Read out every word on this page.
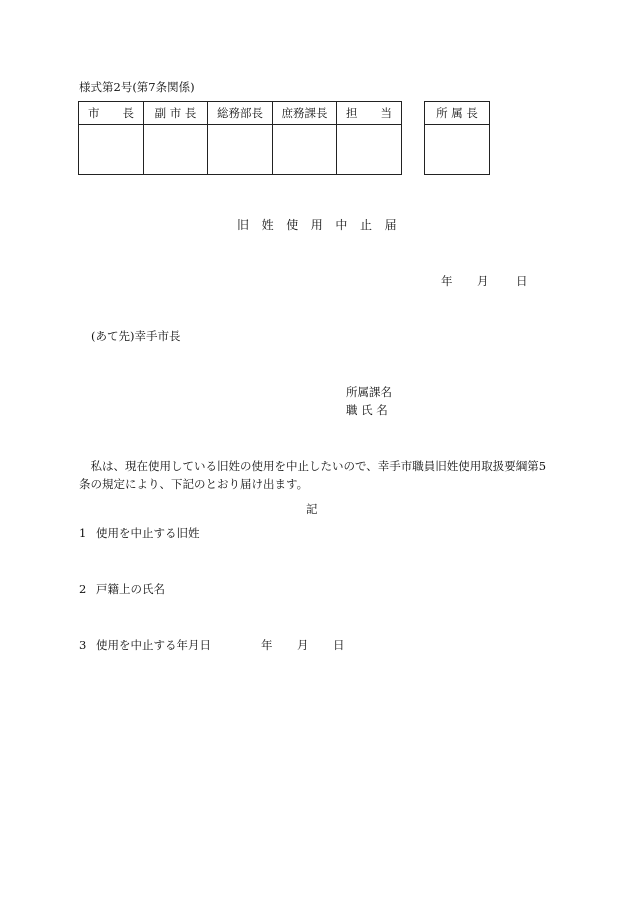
様式第2号(第7条関係)
市　　長	副 市 長	総務部長	庶務課長	担　　当
					所 属 長

旧姓使用中止届
年 月 日
(あて先)幸手市長
所属課名
職 氏 名
　私は、現在使用している旧姓の使用を中止したいので、幸手市職員旧姓使用取扱要綱第5条の規定により、下記のとおり届け出ます。
記
1 使用を中止する旧姓
2 戸籍上の氏名
3 使用を中止する年月日	年 月 日
